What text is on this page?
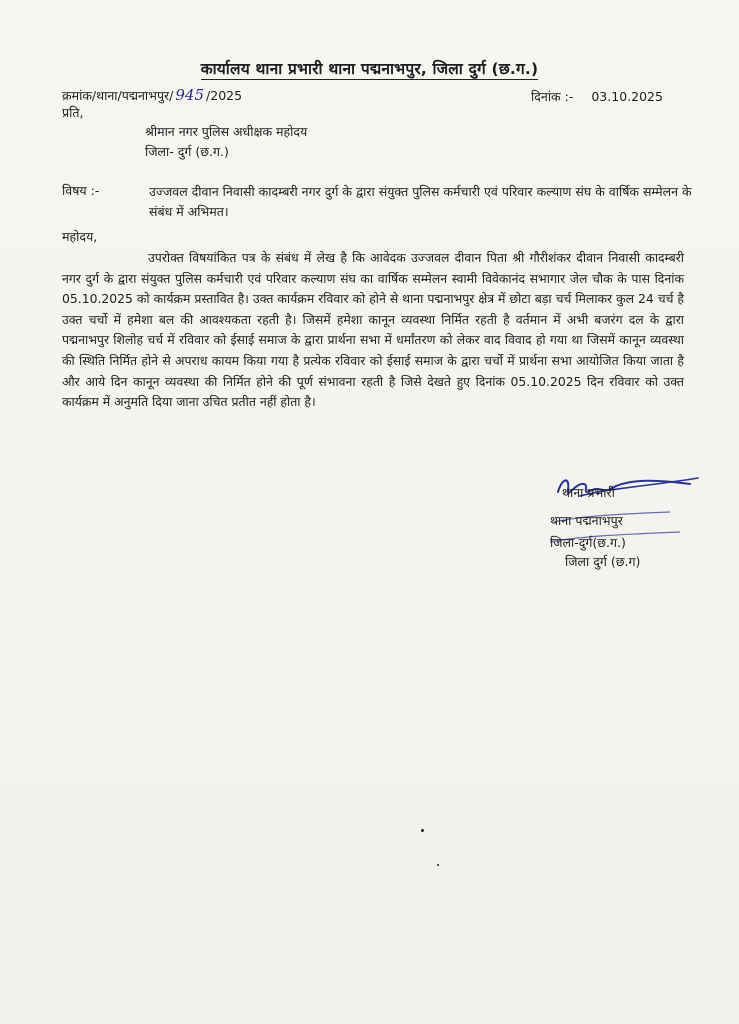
कार्यालय थाना प्रभारी थाना पद्मनाभपुर, जिला दुर्ग (छ.ग.)
क्रमांक/थाना/पद्मनाभपुर/ 945 /2025	दिनांक :- 03.10.2025
प्रति,
श्रीमान नगर पुलिस अधीक्षक महोदय
जिला- दुर्ग (छ.ग.)
विषय :-	उज्जवल दीवान निवासी कादम्बरी नगर दुर्ग के द्वारा संयुक्त पुलिस कर्मचारी एवं परिवार कल्याण संघ के वार्षिक सम्मेलन के संबंध में अभिमत।
महोदय,
उपरोक्त विषयांकित पत्र के संबंध में लेख है कि आवेदक उज्जवल दीवान पिता श्री गौरीशंकर दीवान निवासी कादम्बरी नगर दुर्ग के द्वारा संयुक्त पुलिस कर्मचारी एवं परिवार कल्याण संघ का वार्षिक सम्मेलन स्वामी विवेकानंद सभागार जेल चौक के पास दिनांक 05.10.2025 को कार्यक्रम प्रस्तावित है। उक्त कार्यक्रम रविवार को होने से थाना पद्मनाभपुर क्षेत्र में छोटा बड़ा चर्च मिलाकर कुल 24 चर्च है उक्त चर्चो में हमेशा बल की आवश्यकता रहती है। जिसमें हमेशा कानून व्यवस्था निर्मित रहती है वर्तमान में अभी बजरंग दल के द्वारा पद्मनाभपुर शिलोह चर्च में रविवार को ईसाई समाज के द्वारा प्रार्थना सभा में धर्मांतरण को लेकर वाद विवाद हो गया था जिसमें कानून व्यवस्था की स्थिति निर्मित होने से अपराध कायम किया गया है प्रत्येक रविवार को ईसाई समाज के द्वारा चर्चो में प्रार्थना सभा आयोजित किया जाता है और आये दिन कानून व्यवस्था की निर्मित होने की पूर्ण संभावना रहती है जिसे देखते हुए दिनांक 05.10.2025 दिन रविवार को उक्त कार्यक्रम में अनुमति दिया जाना उचित प्रतीत नहीं होता है।
थाना प्रभारी
थाना पद्मनाभपुर
जिला-दुर्ग(छ.ग.)
जिला दुर्ग (छ.ग)
